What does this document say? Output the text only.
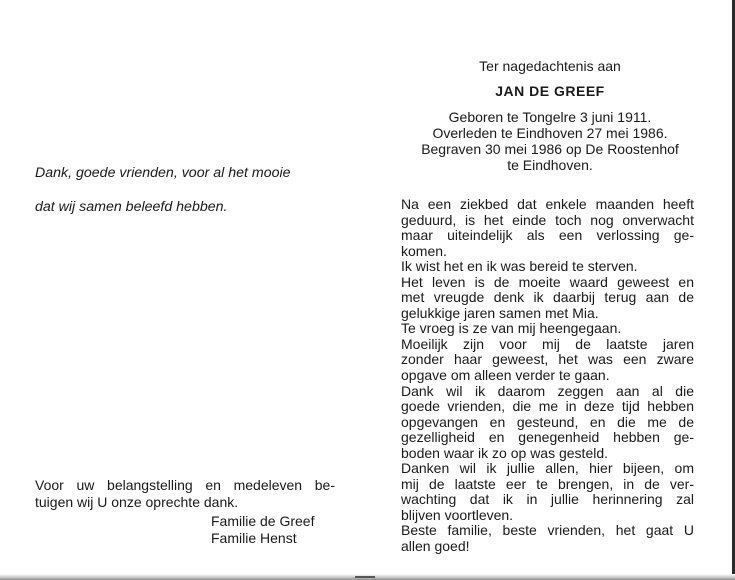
Dank, goede vrienden, voor al het mooie

dat wij samen beleefd hebben.

Voor uw belangstelling en medeleven be-
tuigen wij U onze oprechte dank.
Familie de Greef
Familie Henst

Ter nagedachtenis aan

JAN DE GREEF

Geboren te Tongelre 3 juni 1911.
Overleden te Eindhoven 27 mei 1986.
Begraven 30 mei 1986 op De Roostenhof
te Eindhoven.
Na een ziekbed dat enkele maanden heeft
geduurd, is het einde toch nog onverwacht
maar uiteindelijk als een verlossing ge-
komen.
Ik wist het en ik was bereid te sterven.
Het leven is de moeite waard geweest en
met vreugde denk ik daarbij terug aan de
gelukkige jaren samen met Mia.
Te vroeg is ze van mij heengegaan.
Moeilijk zijn voor mij de laatste jaren
zonder haar geweest, het was een zware
opgave om alleen verder te gaan.
Dank wil ik daarom zeggen aan al die
goede vrienden, die me in deze tijd hebben
opgevangen en gesteund, en die me de
gezelligheid en genegenheid hebben ge-
boden waar ik zo op was gesteld.
Danken wil ik jullie allen, hier bijeen, om
mij de laatste eer te brengen, in de ver-
wachting dat ik in jullie herinnering zal
blijven voortleven.
Beste familie, beste vrienden, het gaat U
allen goed!
